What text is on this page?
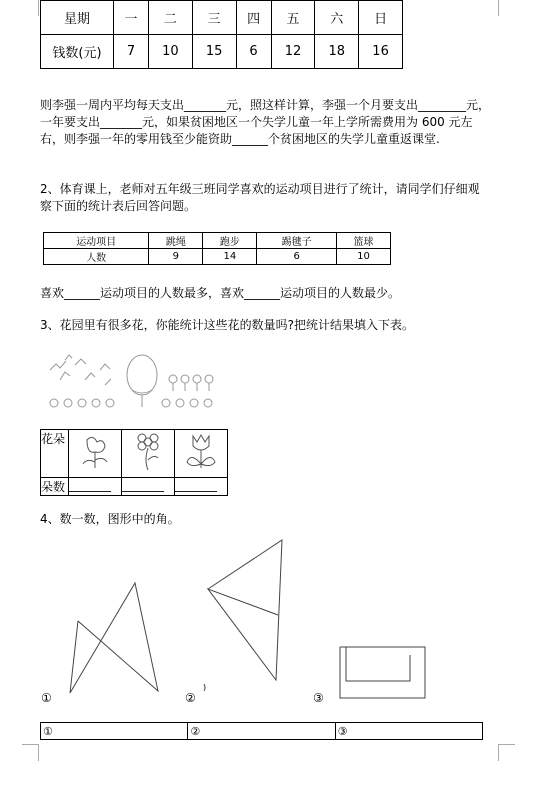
星期	一	二	三	四	五	六	日
钱数(元)	7	10	15	6	12	18	16
则李强一周内平均每天支出_______元，照这样计算，李强一个月要支出________元，一年要支出_______元，如果贫困地区一个失学儿童一年上学所需费用为 600 元左右，则李强一年的零用钱至少能资助______个贫困地区的失学儿童重返课堂.
2、体育课上，老师对五年级三班同学喜欢的运动项目进行了统计，请同学们仔细观察下面的统计表后回答问题。
运动项目	跳绳	跑步	踢毽子	篮球
人数	9	14	6	10
喜欢______运动项目的人数最多，喜欢______运动项目的人数最少。
3、花园里有很多花，你能统计这些花的数量吗?把统计结果填入下表。
花朵			
朵数	_______	_______	_______
4、数一数，图形中的角。
①	②	③
①	②	③
